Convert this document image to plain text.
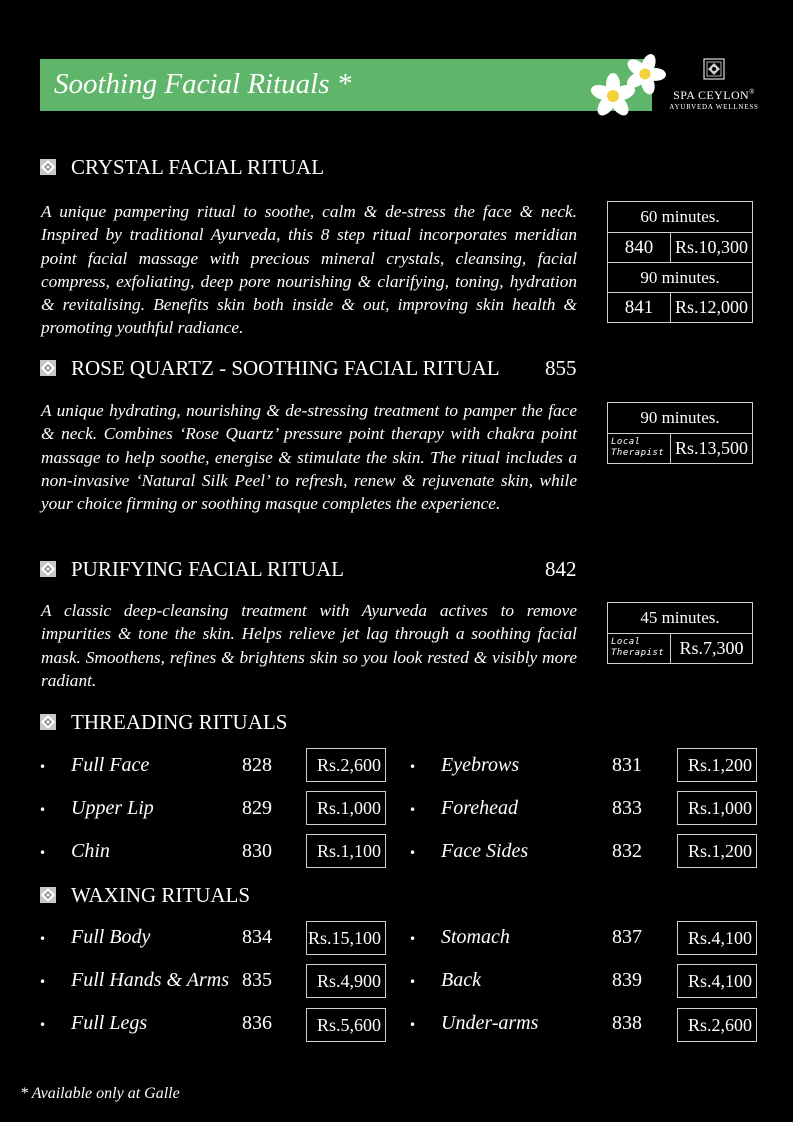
Soothing Facial Rituals *	SPA CEYLON®
AYURVEDA WELLNESS
CRYSTAL FACIAL RITUAL
A unique pampering ritual to soothe, calm & de-stress the face & neck. Inspired by traditional Ayurveda, this 8 step ritual incorporates meridian point facial massage with precious mineral crystals, cleansing, facial compress, exfoliating, deep pore nourishing & clarifying, toning, hydration & revitalising. Benefits skin both inside & out, improving skin health & promoting youthful radiance.
60 minutes.
840	Rs.10,300
90 minutes.
841	Rs.12,000
ROSE QUARTZ - SOOTHING FACIAL RITUAL 855
A unique hydrating, nourishing & de-stressing treatment to pamper the face & neck. Combines ‘Rose Quartz’ pressure point therapy with chakra point massage to help soothe, energise & stimulate the skin. The ritual includes a non-invasive ‘Natural Silk Peel’ to refresh, renew & rejuvenate skin, while your choice firming or soothing masque completes the experience.
90 minutes.
Local
Therapist Rs.13,500
PURIFYING FACIAL RITUAL	842
A classic deep-cleansing treatment with Ayurveda actives to remove impurities & tone the skin. Helps relieve jet lag through a soothing facial mask. Smoothens, refines & brightens skin so you look rested & visibly more radiant.
45 minutes.
Local
Therapist Rs.7,300
THREADING RITUALS
• Full Face	828	Rs.2,600
• Upper Lip	829	Rs.1,000
• Chin	830	Rs.1,100
• Eyebrows	831	Rs.1,200
• Forehead	833	Rs.1,000
• Face Sides	832	Rs.1,200
WAXING RITUALS
• Full Body	834 Rs.15,100
• Full Hands & Arms 835	Rs.4,900
• Full Legs	836	Rs.5,600
• Stomach	837	Rs.4,100
• Back	839	Rs.4,100
• Under-arms	838	Rs.2,600
* Available only at Galle
